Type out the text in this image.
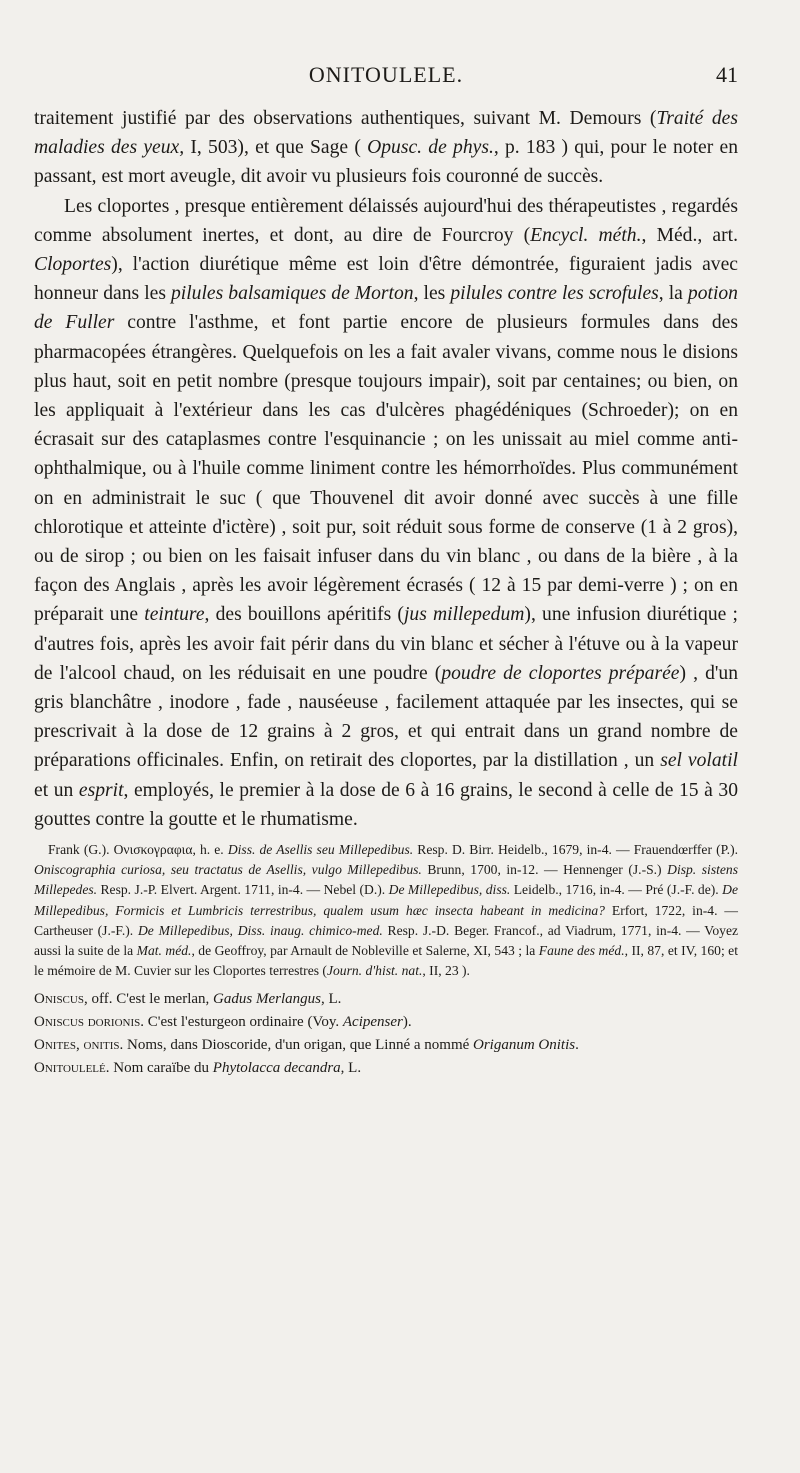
ONITOULELE.	41

traitement justifié par des observations authentiques, suivant M. Demours (Traité des maladies des yeux, I, 503), et que Sage ( Opusc. de phys., p. 183 ) qui, pour le noter en passant, est mort aveugle, dit avoir vu plusieurs fois couronné de succès.

Les cloportes , presque entièrement délaissés aujourd'hui des thérapeutistes , regardés comme absolument inertes, et dont, au dire de Fourcroy (Encycl. méth., Méd., art. Cloportes), l'action diurétique même est loin d'être démontrée, figuraient jadis avec honneur dans les pilules balsamiques de Morton, les pilules contre les scrofules, la potion de Fuller contre l'asthme, et font partie encore de plusieurs formules dans des pharmacopées étrangères. Quelquefois on les a fait avaler vivans, comme nous le disions plus haut, soit en petit nombre (presque toujours impair), soit par centaines; ou bien, on les appliquait à l'extérieur dans les cas d'ulcères phagédéniques (Schroeder); on en écrasait sur des cataplasmes contre l'esquinancie ; on les unissait au miel comme anti-ophthalmique, ou à l'huile comme liniment contre les hémorrhoïdes. Plus communément on en administrait le suc ( que Thouvenel dit avoir donné avec succès à une fille chlorotique et atteinte d'ictère) , soit pur, soit réduit sous forme de conserve (1 à 2 gros), ou de sirop ; ou bien on les faisait infuser dans du vin blanc , ou dans de la bière , à la façon des Anglais , après les avoir légèrement écrasés ( 12 à 15 par demi-verre ) ; on en préparait une teinture, des bouillons apéritifs (jus millepedum), une infusion diurétique ; d'autres fois, après les avoir fait périr dans du vin blanc et sécher à l'étuve ou à la vapeur de l'alcool chaud, on les réduisait en une poudre (poudre de cloportes préparée) , d'un gris blanchâtre , inodore , fade , nauséeuse , facilement attaquée par les insectes, qui se prescrivait à la dose de 12 grains à 2 gros, et qui entrait dans un grand nombre de préparations officinales. Enfin, on retirait des cloportes, par la distillation , un sel volatil et un esprit, employés, le premier à la dose de 6 à 16 grains, le second à celle de 15 à 30 gouttes contre la goutte et le rhumatisme.

Frank (G.). Ονισκογραφια, h. e. Diss. de Asellis seu Millepedibus. Resp. D. Birr. Heidelb., 1679, in-4. — Frauendœrffer (P.). Oniscographia curiosa, seu tractatus de Asellis, vulgo Millepedibus. Brunn, 1700, in-12. — Hennenger (J.-S.) Disp. sistens Millepedes. Resp. J.-P. Elvert. Argent. 1711, in-4. — Nebel (D.). De Millepedibus, diss. Leidelb., 1716, in-4. — Pré (J.-F. de). De Millepedibus, Formicis et Lumbricis terrestribus, qualem usum hæc insecta habeant in medicina? Erfort, 1722, in-4. — Cartheuser (J.-F.). De Millepedibus, Diss. inaug. chimico-med. Resp. J.-D. Beger. Francof., ad Viadrum, 1771, in-4. — Voyez aussi la suite de la Mat. méd., de Geoffroy, par Arnault de Nobleville et Salerne, XI, 543 ; la Faune des méd., II, 87, et IV, 160; et le mémoire de M. Cuvier sur les Cloportes terrestres (Journ. d'hist. nat., II, 23 ).

Oniscus, off. C'est le merlan, Gadus Merlangus, L.

Oniscus dorionis. C'est l'esturgeon ordinaire (Voy. Acipenser).

Onites, onitis. Noms, dans Dioscoride, d'un origan, que Linné a nommé Origanum Onitis.

Onitoulelé. Nom caraïbe du Phytolacca decandra, L.
